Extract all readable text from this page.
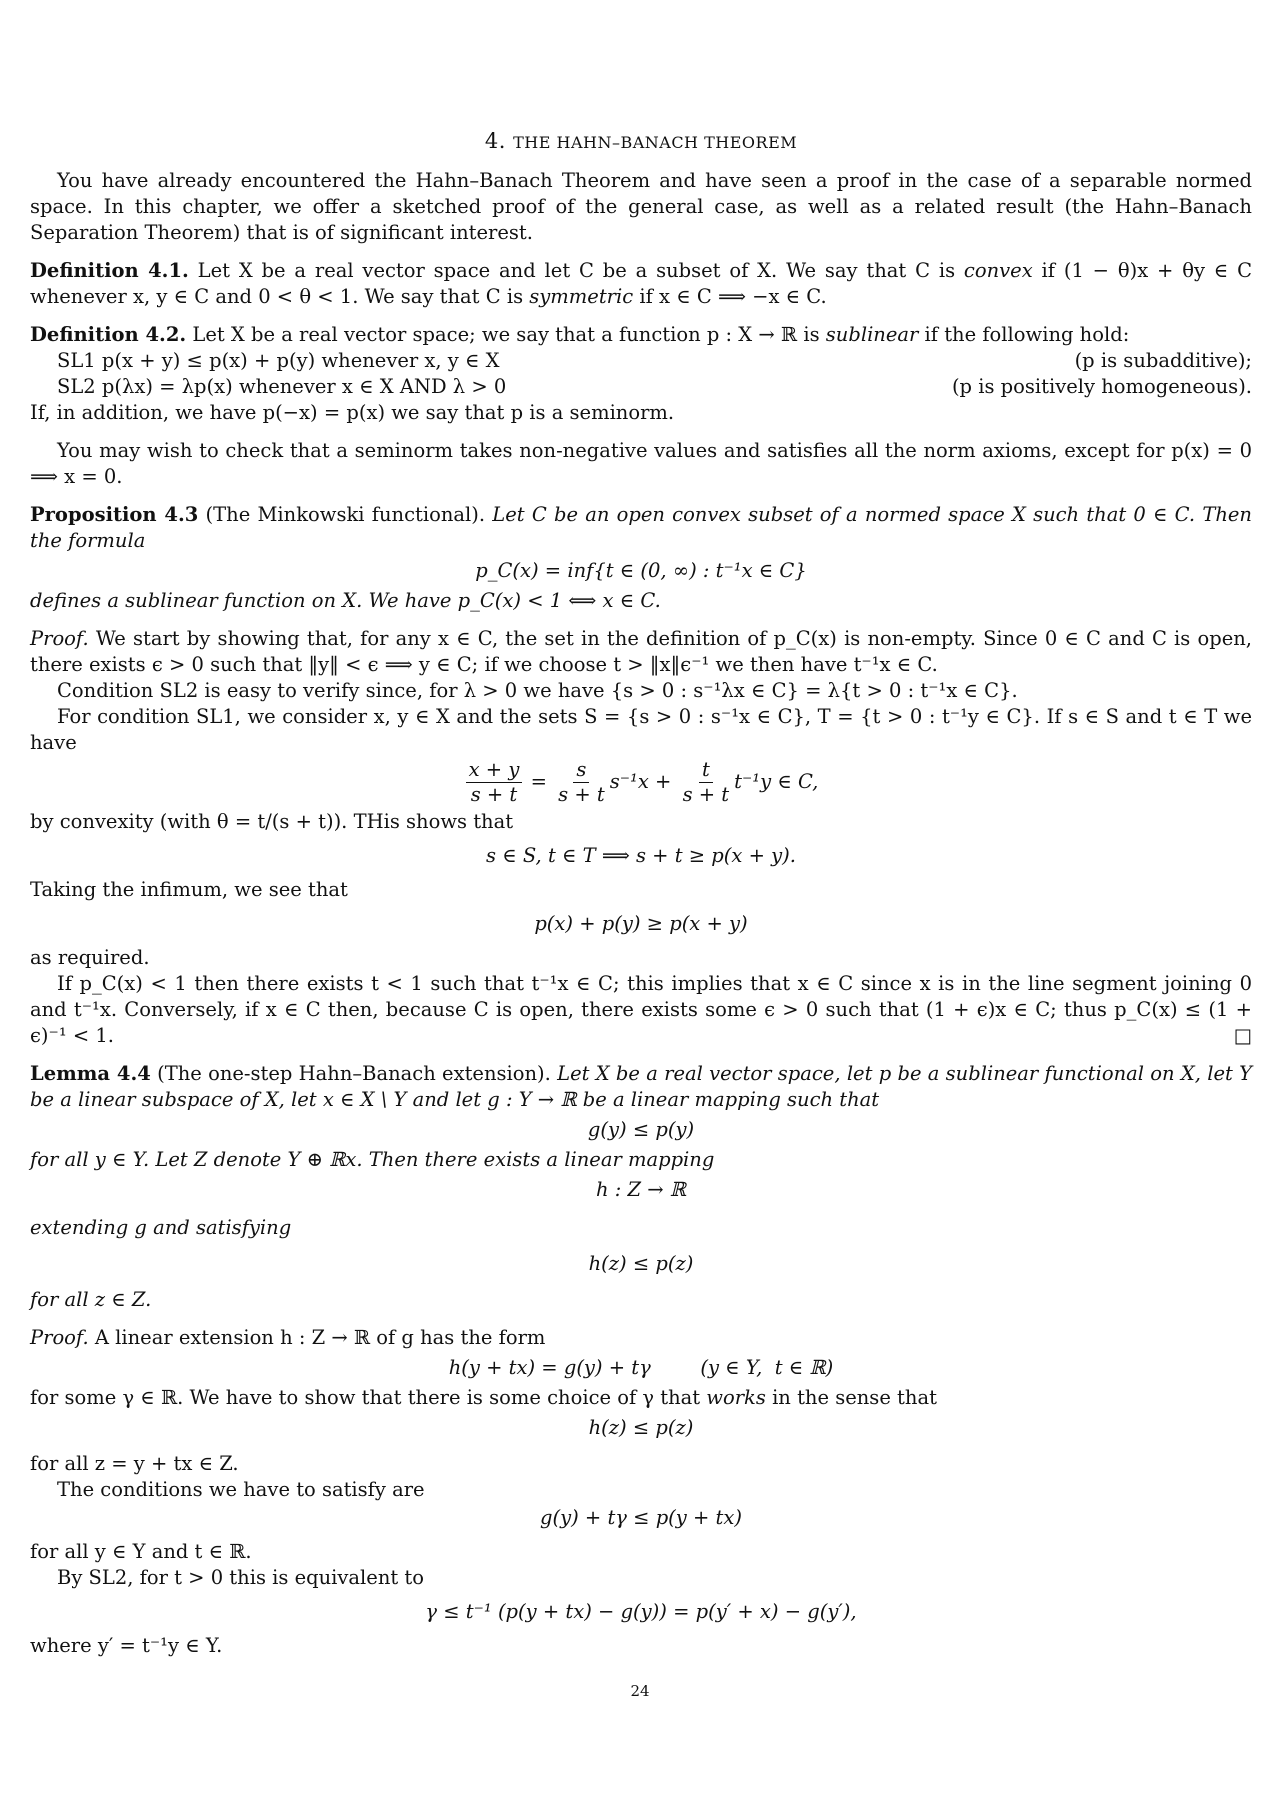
4. THE HAHN–BANACH THEOREM

You have already encountered the Hahn–Banach Theorem and have seen a proof in the case of a separable normed space. In this chapter, we offer a sketched proof of the general case, as well as a related result (the Hahn–Banach Separation Theorem) that is of significant interest.

Definition 4.1. Let X be a real vector space and let C be a subset of X. We say that C is convex if (1 − θ)x + θy ∈ C whenever x, y ∈ C and 0 < θ < 1. We say that C is symmetric if x ∈ C ⟹ −x ∈ C.

Definition 4.2. Let X be a real vector space; we say that a function p : X → ℝ is sublinear if the following hold:

SL1 p(x + y) ≤ p(x) + p(y) whenever x, y ∈ X	(p is subadditive);
SL2 p(λx) = λp(x) whenever x ∈ X AND λ > 0	(p is positively homogeneous).

If, in addition, we have p(−x) = p(x) we say that p is a seminorm.

You may wish to check that a seminorm takes non-negative values and satisfies all the norm axioms, except for p(x) = 0 ⟹ x = 0.

Proposition 4.3 (The Minkowski functional). Let C be an open convex subset of a normed space X such that 0 ∈ C. Then the formula

p_C(x) = inf{t ∈ (0, ∞) : t⁻¹x ∈ C}

defines a sublinear function on X. We have p_C(x) < 1 ⟺ x ∈ C.

Proof. We start by showing that, for any x ∈ C, the set in the definition of p_C(x) is non-empty. Since 0 ∈ C and C is open, there exists ϵ > 0 such that ‖y‖ < ϵ ⟹ y ∈ C; if we choose t > ‖x‖ϵ⁻¹ we then have t⁻¹x ∈ C.

Condition SL2 is easy to verify since, for λ > 0 we have {s > 0 : s⁻¹λx ∈ C} = λ{t > 0 : t⁻¹x ∈ C}.

For condition SL1, we consider x, y ∈ X and the sets S = {s > 0 : s⁻¹x ∈ C}, T = {t > 0 : t⁻¹y ∈ C}. If s ∈ S and t ∈ T we have

$\frac{x + y}{s + t} = \frac{s}{s + t} s^{-1}x + \frac{t}{s + t} t^{-1}y$ ∈ C,

by convexity (with θ = t/(s + t)). THis shows that

s ∈ S, t ∈ T ⟹ s + t ≥ p(x + y).

Taking the infimum, we see that

p(x) + p(y) ≥ p(x + y)

as required.

If p_C(x) < 1 then there exists t < 1 such that t⁻¹x ∈ C; this implies that x ∈ C since x is in the line segment joining 0 and t⁻¹x. Conversely, if x ∈ C then, because C is open, there exists some ϵ > 0 such that (1 + ϵ)x ∈ C; thus p_C(x) ≤ (1 + ϵ)⁻¹ < 1.	□

Lemma 4.4 (The one-step Hahn–Banach extension). Let X be a real vector space, let p be a sublinear functional on X, let Y be a linear subspace of X, let x ∈ X \ Y and let g : Y → ℝ be a linear mapping such that

g(y) ≤ p(y)

for all y ∈ Y. Let Z denote Y ⊕ ℝx. Then there exists a linear mapping

h : Z → ℝ

extending g and satisfying

h(z) ≤ p(z)

for all z ∈ Z.

Proof. A linear extension h : Z → ℝ of g has the form

h(y + tx) = g(y) + tγ        (y ∈ Y,  t ∈ ℝ)

for some γ ∈ ℝ. We have to show that there is some choice of γ that works in the sense that

h(z) ≤ p(z)

for all z = y + tx ∈ Z.

The conditions we have to satisfy are

g(y) + tγ ≤ p(y + tx)

for all y ∈ Y and t ∈ ℝ.

By SL2, for t > 0 this is equivalent to

γ ≤ t⁻¹ (p(y + tx) − g(y)) = p(y′ + x) − g(y′),

where y′ = t⁻¹y ∈ Y.

24
